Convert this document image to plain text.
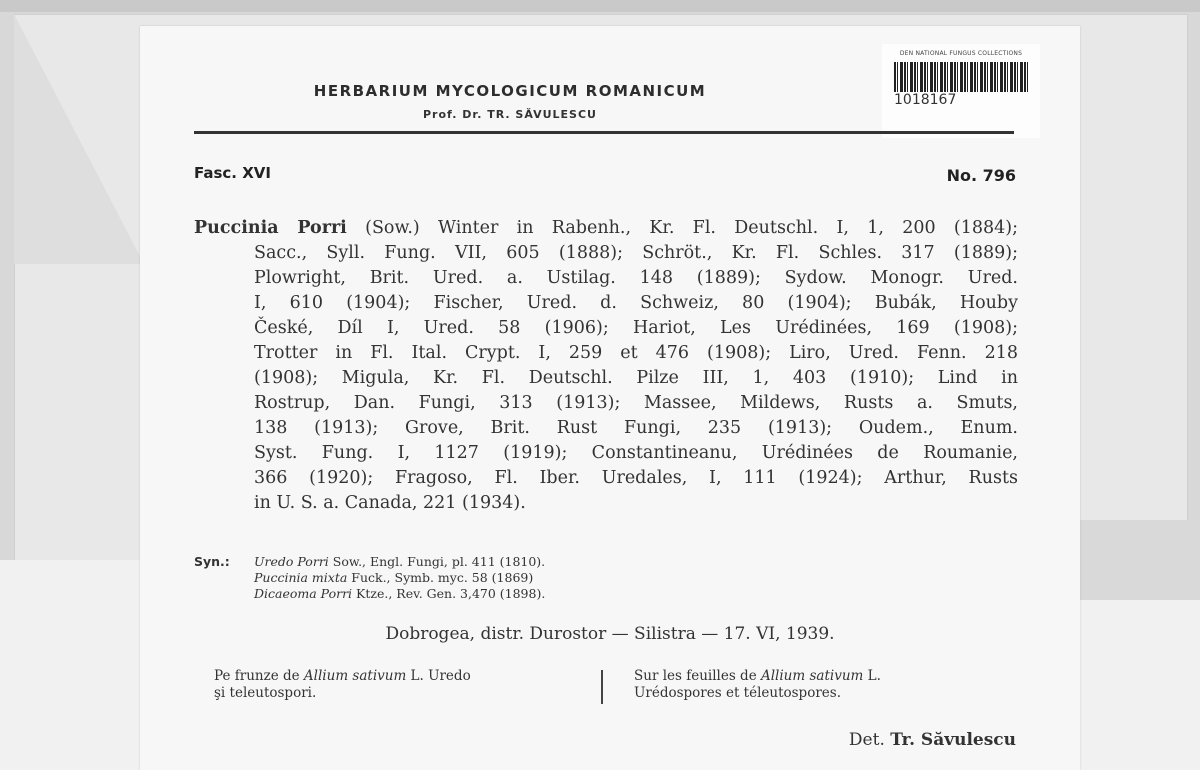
HERBARIUM MYCOLOGICUM ROMANICUM
Prof. Dr. TR. SĂVULESCU
DEN NATIONAL FUNGUS COLLECTIONS
1018167
Fasc. XVI	No. 796
Puccinia Porri (Sow.) Winter in Rabenh., Kr. Fl. Deutschl. I, 1, 200 (1884);
Sacc., Syll. Fung. VII, 605 (1888); Schröt., Kr. Fl. Schles. 317 (1889);
Plowright, Brit. Ured. a. Ustilag. 148 (1889); Sydow. Monogr. Ured.
I, 610 (1904); Fischer, Ured. d. Schweiz, 80 (1904); Bubák, Houby
České, Díl I, Ured. 58 (1906); Hariot, Les Urédinées, 169 (1908);
Trotter in Fl. Ital. Crypt. I, 259 et 476 (1908); Liro, Ured. Fenn. 218
(1908); Migula, Kr. Fl. Deutschl. Pilze III, 1, 403 (1910); Lind in
Rostrup, Dan. Fungi, 313 (1913); Massee, Mildews, Rusts a. Smuts,
138 (1913); Grove, Brit. Rust Fungi, 235 (1913); Oudem., Enum.
Syst. Fung. I, 1127 (1919); Constantineanu, Urédinées de Roumanie,
366 (1920); Fragoso, Fl. Iber. Uredales, I, 111 (1924); Arthur, Rusts
in U. S. a. Canada, 221 (1934).
Syn.: Uredo Porri Sow., Engl. Fungi, pl. 411 (1810).
Puccinia mixta Fuck., Symb. myc. 58 (1869)
Dicaeoma Porri Ktze., Rev. Gen. 3,470 (1898).
Dobrogea, distr. Durostor — Silistra — 17. VI, 1939.
Pe frunze de Allium sativum L. Uredo
şi teleutospori.
Sur les feuilles de Allium sativum L.
Urédospores et téleutospores.
Det. Tr. Săvulescu
